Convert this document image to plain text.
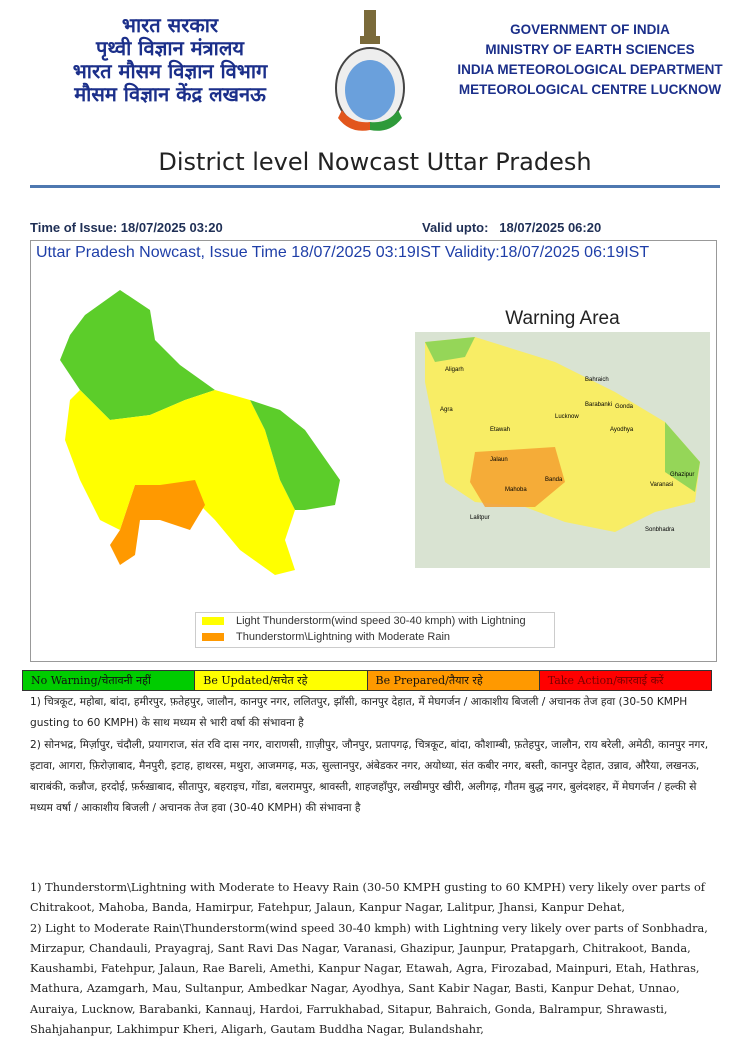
भारत सरकार
पृथ्वी विज्ञान मंत्रालय
भारत मौसम विज्ञान विभाग
मौसम विज्ञान केंद्र लखनऊ
GOVERNMENT OF INDIA
MINISTRY OF EARTH SCIENCES
INDIA METEOROLOGICAL DEPARTMENT
METEOROLOGICAL CENTRE LUCKNOW
District level Nowcast Uttar Pradesh
Time of Issue: 18/07/2025 03:20	Valid upto:   18/07/2025 06:20
Uttar Pradesh Nowcast, Issue Time 18/07/2025 03:19IST Validity:18/07/2025 06:19IST
Warning Area
Aligarh
Agra
Etawah
Lucknow
Barabanki
Bahraich
Gonda
Ayodhya
Jalaun
Mahoba
Banda
Lalitpur
Varanasi
Sonbhadra
Ghazipur
Light Thunderstorm(wind speed 30-40 kmph) with Lightning
Thunderstorm\Lightning with Moderate Rain
No Warning/चेतावनी नहीं	Be Updated/सचेत रहे	Be Prepared/तैयार रहे	Take Action/कारवाई करें
1) चित्रकूट, महोबा, बांदा, हमीरपुर, फ़तेहपुर, जालौन, कानपुर नगर, ललितपुर, झाँसी, कानपुर देहात, में मेघगर्जन / आकाशीय बिजली / अचानक तेज हवा (30-50 KMPH gusting to 60 KMPH) के साथ मध्यम से भारी वर्षा की संभावना है
2) सोनभद्र, मिर्ज़ापुर, चंदौली, प्रयागराज, संत रवि दास नगर, वाराणसी, ग़ाज़ीपुर, जौनपुर, प्रतापगढ़, चित्रकूट, बांदा, कौशाम्बी, फ़तेहपुर, जालौन, राय बरेली, अमेठी, कानपुर नगर, इटावा, आगरा, फ़िरोज़ाबाद, मैनपुरी, इटाह, हाथरस, मथुरा, आजमगढ़, मऊ, सुल्तानपुर, अंबेडकर नगर, अयोध्या, संत कबीर नगर, बस्ती, कानपुर देहात, उन्नाव, औरैया, लखनऊ, बाराबंकी, कन्नौज, हरदोई, फ़र्रुख़ाबाद, सीतापुर, बहराइच, गोंडा, बलरामपुर, श्रावस्ती, शाहजहाँपुर, लखीमपुर खीरी, अलीगढ़, गौतम बुद्ध नगर, बुलंदशहर, में मेघगर्जन / हल्की से मध्यम वर्षा / आकाशीय बिजली / अचानक तेज हवा (30-40 KMPH) की संभावना है
1) Thunderstorm\Lightning with Moderate to Heavy Rain (30-50 KMPH gusting to 60 KMPH) very likely over parts of Chitrakoot, Mahoba, Banda, Hamirpur, Fatehpur, Jalaun, Kanpur Nagar, Lalitpur, Jhansi, Kanpur Dehat,
2) Light to Moderate Rain\Thunderstorm(wind speed 30-40 kmph) with Lightning very likely over parts of Sonbhadra, Mirzapur, Chandauli, Prayagraj, Sant Ravi Das Nagar, Varanasi, Ghazipur, Jaunpur, Pratapgarh, Chitrakoot, Banda, Kaushambi, Fatehpur, Jalaun, Rae Bareli, Amethi, Kanpur Nagar, Etawah, Agra, Firozabad, Mainpuri, Etah, Hathras, Mathura, Azamgarh, Mau, Sultanpur, Ambedkar Nagar, Ayodhya, Sant Kabir Nagar, Basti, Kanpur Dehat, Unnao, Auraiya, Lucknow, Barabanki, Kannauj, Hardoi, Farrukhabad, Sitapur, Bahraich, Gonda, Balrampur, Shrawasti, Shahjahanpur, Lakhimpur Kheri, Aligarh, Gautam Buddha Nagar, Bulandshahr,
